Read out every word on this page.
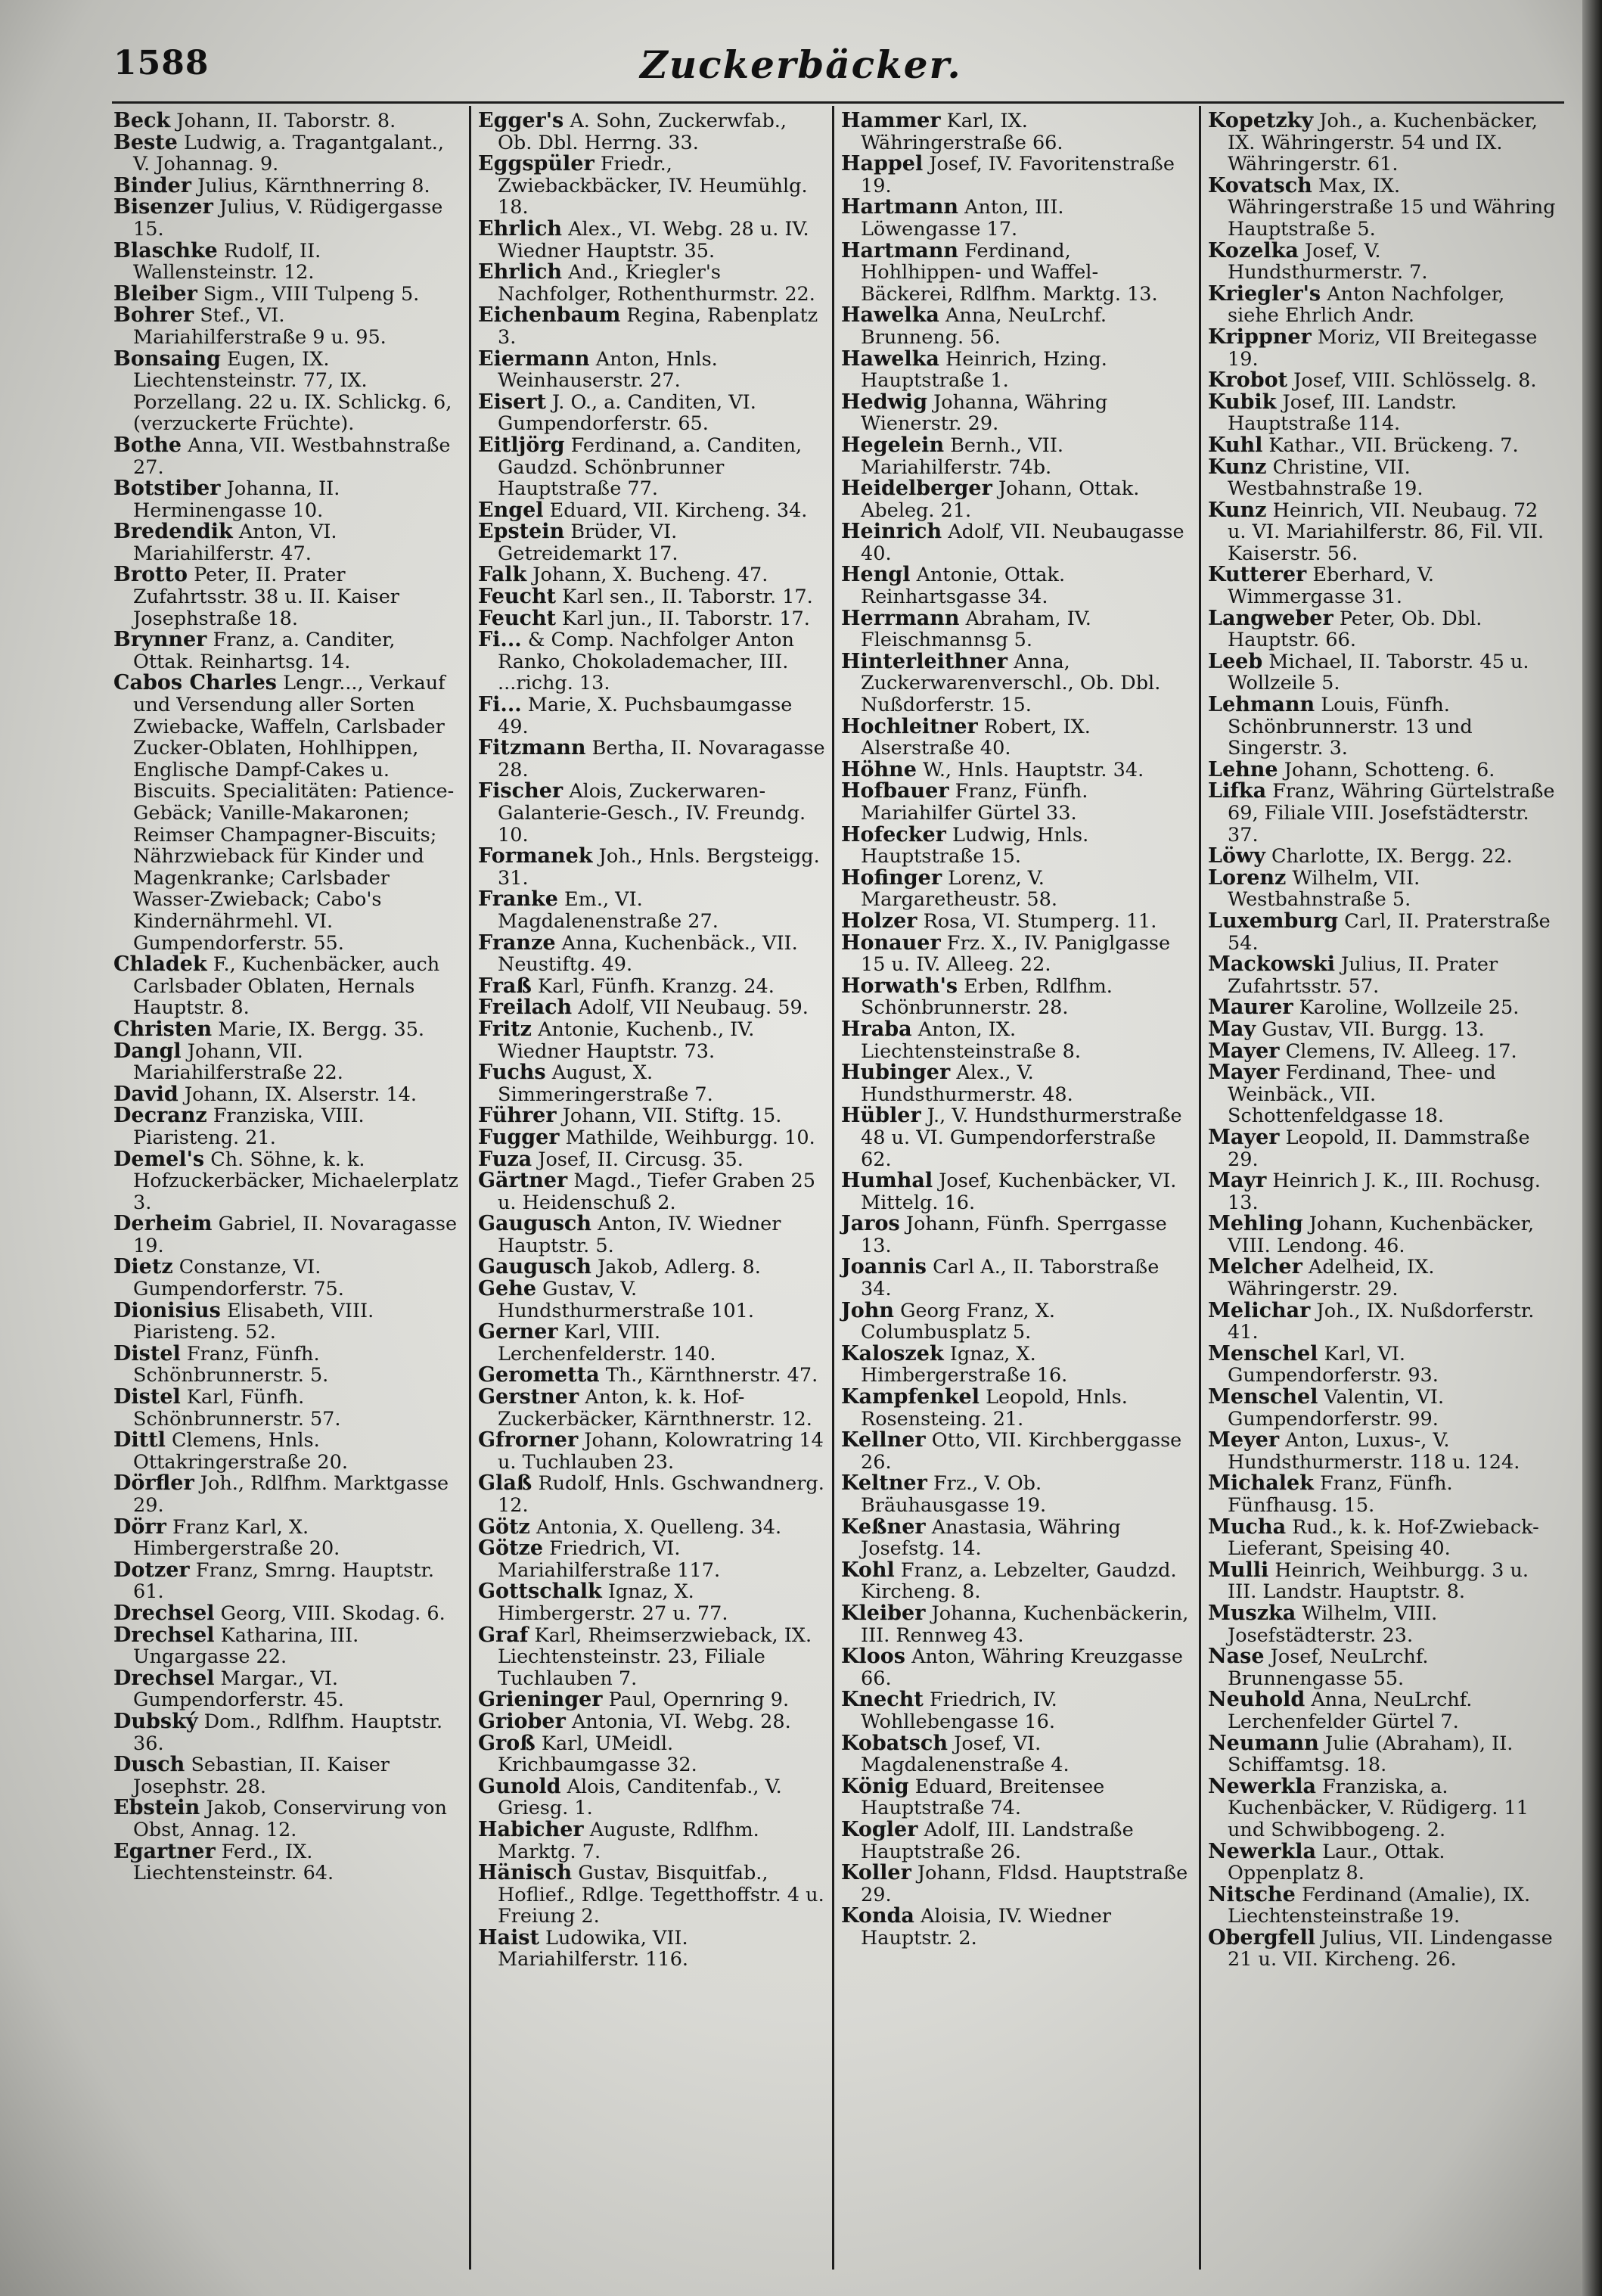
1588	Zuckerbäcker.

Beck Johann, II. Taborstr. 8.

Beste Ludwig, a. Tragantgalant., V. Johannag. 9.

Binder Julius, Kärnthnerring 8.

Bisenzer Julius, V. Rüdigergasse 15.

Blaschke Rudolf, II. Wallensteinstr. 12.

Bleiber Sigm., VIII Tulpeng 5.

Bohrer Stef., VI. Mariahilferstraße 9 u. 95.

Bonsaing Eugen, IX. Liechtensteinstr. 77, IX. Porzellang. 22 u. IX. Schlickg. 6, (verzuckerte Früchte).

Bothe Anna, VII. Westbahnstraße 27.

Botstiber Johanna, II. Herminengasse 10.

Bredendik Anton, VI. Mariahilferstr. 47.

Brotto Peter, II. Prater Zufahrtsstr. 38 u. II. Kaiser Josephstraße 18.

Brynner Franz, a. Canditer, Ottak. Reinhartsg. 14.

Cabos Charles Lengr..., Verkauf und Versendung aller Sorten Zwiebacke, Waffeln, Carlsbader Zucker-Oblaten, Hohlhippen, Englische Dampf-Cakes u. Biscuits. Specialitäten: Patience-Gebäck; Vanille-Makaronen; Reimser Champagner-Biscuits; Nährzwieback für Kinder und Magenkranke; Carlsbader Wasser-Zwieback; Cabo's Kindernährmehl. VI. Gumpendorferstr. 55.

Chladek F., Kuchenbäcker, auch Carlsbader Oblaten, Hernals Hauptstr. 8.

Christen Marie, IX. Bergg. 35.

Dangl Johann, VII. Mariahilferstraße 22.

David Johann, IX. Alserstr. 14.

Decranz Franziska, VIII. Piaristeng. 21.

Demel's Ch. Söhne, k. k. Hofzuckerbäcker, Michaelerplatz 3.

Derheim Gabriel, II. Novaragasse 19.

Dietz Constanze, VI. Gumpendorferstr. 75.

Dionisius Elisabeth, VIII. Piaristeng. 52.

Distel Franz, Fünfh. Schönbrunnerstr. 5.

Distel Karl, Fünfh. Schönbrunnerstr. 57.

Dittl Clemens, Hnls. Ottakringerstraße 20.

Dörfler Joh., Rdlfhm. Marktgasse 29.

Dörr Franz Karl, X. Himbergerstraße 20.

Dotzer Franz, Smrng. Hauptstr. 61.

Drechsel Georg, VIII. Skodag. 6.

Drechsel Katharina, III. Ungargasse 22.

Drechsel Margar., VI. Gumpendorferstr. 45.

Dubský Dom., Rdlfhm. Hauptstr. 36.

Dusch Sebastian, II. Kaiser Josephstr. 28.

Ebstein Jakob, Conservirung von Obst, Annag. 12.

Egartner Ferd., IX. Liechtensteinstr. 64.

Egger's A. Sohn, Zuckerwfab., Ob. Dbl. Herrng. 33.

Eggspüler Friedr., Zwiebackbäcker, IV. Heumühlg. 18.

Ehrlich Alex., VI. Webg. 28 u. IV. Wiedner Hauptstr. 35.

Ehrlich And., Kriegler's Nachfolger, Rothenthurmstr. 22.

Eichenbaum Regina, Rabenplatz 3.

Eiermann Anton, Hnls. Weinhauserstr. 27.

Eisert J. O., a. Canditen, VI. Gumpendorferstr. 65.

Eitljörg Ferdinand, a. Canditen, Gaudzd. Schönbrunner Hauptstraße 77.

Engel Eduard, VII. Kircheng. 34.

Epstein Brüder, VI. Getreidemarkt 17.

Falk Johann, X. Bucheng. 47.

Feucht Karl sen., II. Taborstr. 17.

Feucht Karl jun., II. Taborstr. 17.

Fi... & Comp. Nachfolger Anton Ranko, Chokolademacher, III. ...richg. 13.

Fi... Marie, X. Puchsbaumgasse 49.

Fitzmann Bertha, II. Novaragasse 28.

Fischer Alois, Zuckerwaren-Galanterie-Gesch., IV. Freundg. 10.

Formanek Joh., Hnls. Bergsteigg. 31.

Franke Em., VI. Magdalenenstraße 27.

Franze Anna, Kuchenbäck., VII. Neustiftg. 49.

Fraß Karl, Fünfh. Kranzg. 24.

Freilach Adolf, VII Neubaug. 59.

Fritz Antonie, Kuchenb., IV. Wiedner Hauptstr. 73.

Fuchs August, X. Simmeringerstraße 7.

Führer Johann, VII. Stiftg. 15.

Fugger Mathilde, Weihburgg. 10.

Fuza Josef, II. Circusg. 35.

Gärtner Magd., Tiefer Graben 25 u. Heidenschuß 2.

Gaugusch Anton, IV. Wiedner Hauptstr. 5.

Gaugusch Jakob, Adlerg. 8.

Gehe Gustav, V. Hundsthurmerstraße 101.

Gerner Karl, VIII. Lerchenfelderstr. 140.

Gerometta Th., Kärnthnerstr. 47.

Gerstner Anton, k. k. Hof-Zuckerbäcker, Kärnthnerstr. 12.

Gfrorner Johann, Kolowratring 14 u. Tuchlauben 23.

Glaß Rudolf, Hnls. Gschwandnerg. 12.

Götz Antonia, X. Quelleng. 34.

Götze Friedrich, VI. Mariahilferstraße 117.

Gottschalk Ignaz, X. Himbergerstr. 27 u. 77.

Graf Karl, Rheimserzwieback, IX. Liechtensteinstr. 23, Filiale Tuchlauben 7.

Grieninger Paul, Opernring 9.

Griober Antonia, VI. Webg. 28.

Groß Karl, UMeidl. Krichbaumgasse 32.

Gunold Alois, Canditenfab., V. Griesg. 1.

Habicher Auguste, Rdlfhm. Marktg. 7.

Hänisch Gustav, Bisquitfab., Hoflief., Rdlge. Tegetthoffstr. 4 u. Freiung 2.

Haist Ludowika, VII. Mariahilferstr. 116.

Hammer Karl, IX. Währingerstraße 66.

Happel Josef, IV. Favoritenstraße 19.

Hartmann Anton, III. Löwengasse 17.

Hartmann Ferdinand, Hohlhippen- und Waffel-Bäckerei, Rdlfhm. Marktg. 13.

Hawelka Anna, NeuLrchf. Brunneng. 56.

Hawelka Heinrich, Hzing. Hauptstraße 1.

Hedwig Johanna, Währing Wienerstr. 29.

Hegelein Bernh., VII. Mariahilferstr. 74b.

Heidelberger Johann, Ottak. Abeleg. 21.

Heinrich Adolf, VII. Neubaugasse 40.

Hengl Antonie, Ottak. Reinhartsgasse 34.

Herrmann Abraham, IV. Fleischmannsg 5.

Hinterleithner Anna, Zuckerwarenverschl., Ob. Dbl. Nußdorferstr. 15.

Hochleitner Robert, IX. Alserstraße 40.

Höhne W., Hnls. Hauptstr. 34.

Hofbauer Franz, Fünfh. Mariahilfer Gürtel 33.

Hofecker Ludwig, Hnls. Hauptstraße 15.

Hofinger Lorenz, V. Margaretheustr. 58.

Holzer Rosa, VI. Stumperg. 11.

Honauer Frz. X., IV. Paniglgasse 15 u. IV. Alleeg. 22.

Horwath's Erben, Rdlfhm. Schönbrunnerstr. 28.

Hraba Anton, IX. Liechtensteinstraße 8.

Hubinger Alex., V. Hundsthurmerstr. 48.

Hübler J., V. Hundsthurmerstraße 48 u. VI. Gumpendorferstraße 62.

Humhal Josef, Kuchenbäcker, VI. Mittelg. 16.

Jaros Johann, Fünfh. Sperrgasse 13.

Joannis Carl A., II. Taborstraße 34.

John Georg Franz, X. Columbusplatz 5.

Kaloszek Ignaz, X. Himbergerstraße 16.

Kampfenkel Leopold, Hnls. Rosensteing. 21.

Kellner Otto, VII. Kirchberggasse 26.

Keltner Frz., V. Ob. Bräuhausgasse 19.

Keßner Anastasia, Währing Josefstg. 14.

Kohl Franz, a. Lebzelter, Gaudzd. Kircheng. 8.

Kleiber Johanna, Kuchenbäckerin, III. Rennweg 43.

Kloos Anton, Währing Kreuzgasse 66.

Knecht Friedrich, IV. Wohllebengasse 16.

Kobatsch Josef, VI. Magdalenenstraße 4.

König Eduard, Breitensee Hauptstraße 74.

Kogler Adolf, III. Landstraße Hauptstraße 26.

Koller Johann, Fldsd. Hauptstraße 29.

Konda Aloisia, IV. Wiedner Hauptstr. 2.

Kopetzky Joh., a. Kuchenbäcker, IX. Währingerstr. 54 und IX. Währingerstr. 61.

Kovatsch Max, IX. Währingerstraße 15 und Währing Hauptstraße 5.

Kozelka Josef, V. Hundsthurmerstr. 7.

Kriegler's Anton Nachfolger, siehe Ehrlich Andr.

Krippner Moriz, VII Breitegasse 19.

Krobot Josef, VIII. Schlösselg. 8.

Kubik Josef, III. Landstr. Hauptstraße 114.

Kuhl Kathar., VII. Brückeng. 7.

Kunz Christine, VII. Westbahnstraße 19.

Kunz Heinrich, VII. Neubaug. 72 u. VI. Mariahilferstr. 86, Fil. VII. Kaiserstr. 56.

Kutterer Eberhard, V. Wimmergasse 31.

Langweber Peter, Ob. Dbl. Hauptstr. 66.

Leeb Michael, II. Taborstr. 45 u. Wollzeile 5.

Lehmann Louis, Fünfh. Schönbrunnerstr. 13 und Singerstr. 3.

Lehne Johann, Schotteng. 6.

Lifka Franz, Währing Gürtelstraße 69, Filiale VIII. Josefstädterstr. 37.

Löwy Charlotte, IX. Bergg. 22.

Lorenz Wilhelm, VII. Westbahnstraße 5.

Luxemburg Carl, II. Praterstraße 54.

Mackowski Julius, II. Prater Zufahrtsstr. 57.

Maurer Karoline, Wollzeile 25.

May Gustav, VII. Burgg. 13.

Mayer Clemens, IV. Alleeg. 17.

Mayer Ferdinand, Thee- und Weinbäck., VII. Schottenfeldgasse 18.

Mayer Leopold, II. Dammstraße 29.

Mayr Heinrich J. K., III. Rochusg. 13.

Mehling Johann, Kuchenbäcker, VIII. Lendong. 46.

Melcher Adelheid, IX. Währingerstr. 29.

Melichar Joh., IX. Nußdorferstr. 41.

Menschel Karl, VI. Gumpendorferstr. 93.

Menschel Valentin, VI. Gumpendorferstr. 99.

Meyer Anton, Luxus-, V. Hundsthurmerstr. 118 u. 124.

Michalek Franz, Fünfh. Fünfhausg. 15.

Mucha Rud., k. k. Hof-Zwieback-Lieferant, Speising 40.

Mulli Heinrich, Weihburgg. 3 u. III. Landstr. Hauptstr. 8.

Muszka Wilhelm, VIII. Josefstädterstr. 23.

Nase Josef, NeuLrchf. Brunnengasse 55.

Neuhold Anna, NeuLrchf. Lerchenfelder Gürtel 7.

Neumann Julie (Abraham), II. Schiffamtsg. 18.

Newerkla Franziska, a. Kuchenbäcker, V. Rüdigerg. 11 und Schwibbogeng. 2.

Newerkla Laur., Ottak. Oppenplatz 8.

Nitsche Ferdinand (Amalie), IX. Liechtensteinstraße 19.

Obergfell Julius, VII. Lindengasse 21 u. VII. Kircheng. 26.
